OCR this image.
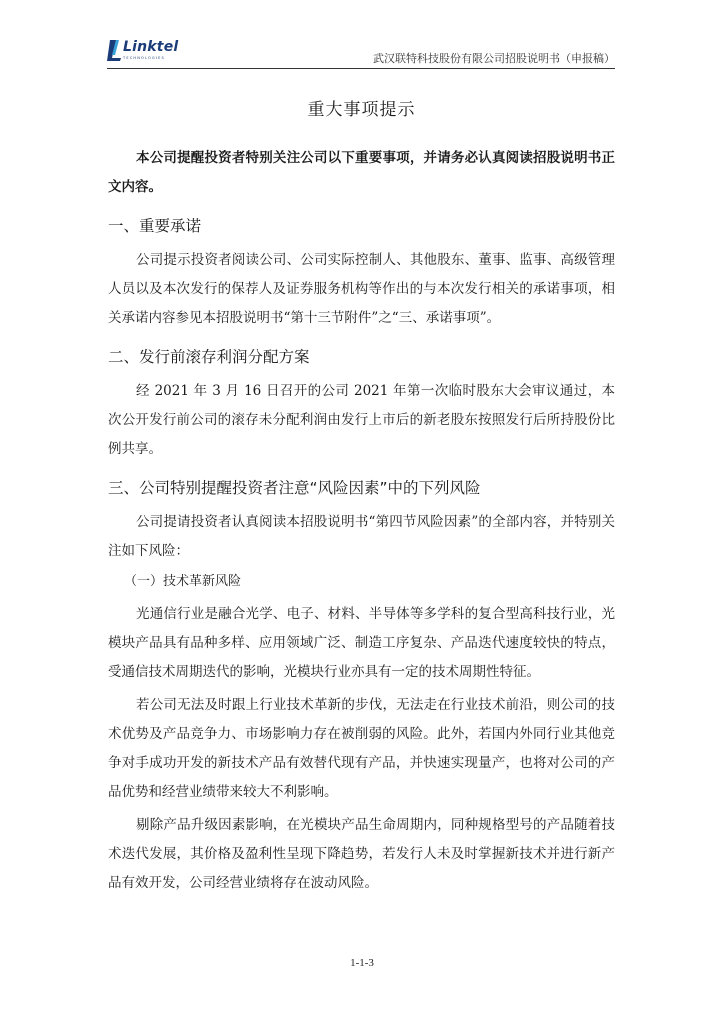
Linktel
TECHNOLOGIES	武汉联特科技股份有限公司招股说明书（申报稿）
重大事项提示

本公司提醒投资者特别关注公司以下重要事项，并请务必认真阅读招股说明书正文内容。

一、重要承诺

公司提示投资者阅读公司、公司实际控制人、其他股东、董事、监事、高级管理人员以及本次发行的保荐人及证券服务机构等作出的与本次发行相关的承诺事项，相关承诺内容参见本招股说明书“第十三节附件”之“三、承诺事项”。

二、发行前滚存利润分配方案

经 2021 年 3 月 16 日召开的公司 2021 年第一次临时股东大会审议通过，本次公开发行前公司的滚存未分配利润由发行上市后的新老股东按照发行后所持股份比例共享。

三、公司特别提醒投资者注意“风险因素”中的下列风险

公司提请投资者认真阅读本招股说明书“第四节风险因素”的全部内容，并特别关注如下风险：

（一）技术革新风险

光通信行业是融合光学、电子、材料、半导体等多学科的复合型高科技行业，光模块产品具有品种多样、应用领域广泛、制造工序复杂、产品迭代速度较快的特点，受通信技术周期迭代的影响，光模块行业亦具有一定的技术周期性特征。

若公司无法及时跟上行业技术革新的步伐，无法走在行业技术前沿，则公司的技术优势及产品竞争力、市场影响力存在被削弱的风险。此外，若国内外同行业其他竞争对手成功开发的新技术产品有效替代现有产品，并快速实现量产，也将对公司的产品优势和经营业绩带来较大不利影响。

剔除产品升级因素影响，在光模块产品生命周期内，同种规格型号的产品随着技术迭代发展，其价格及盈利性呈现下降趋势，若发行人未及时掌握新技术并进行新产品有效开发，公司经营业绩将存在波动风险。

1-1-3
